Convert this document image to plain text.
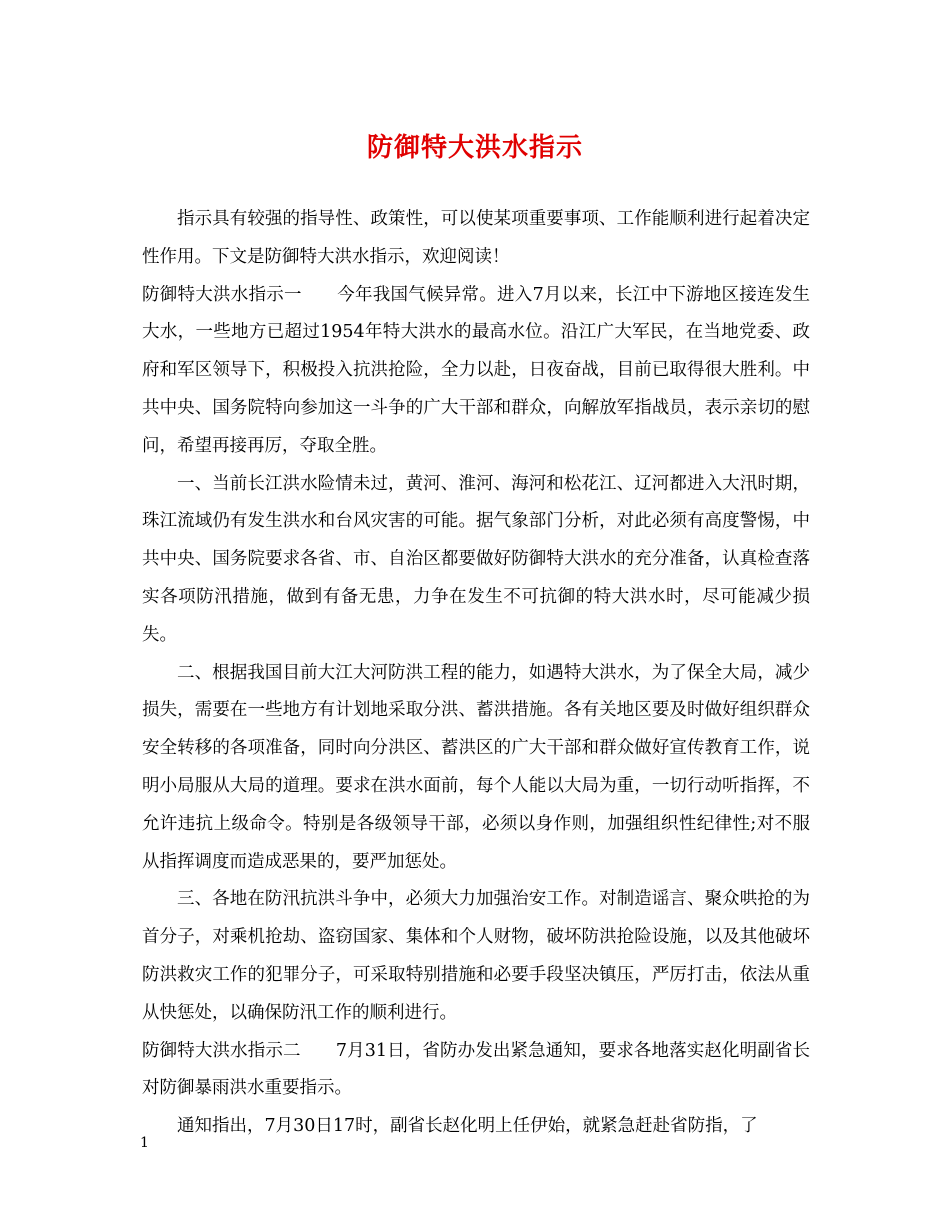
防御特大洪水指示

指示具有较强的指导性、政策性，可以使某项重要事项、工作能顺利进行起着决定性作用。下文是防御特大洪水指示，欢迎阅读！

防御特大洪水指示一　　今年我国气候异常。进入7月以来，长江中下游地区接连发生大水，一些地方已超过1954年特大洪水的最高水位。沿江广大军民，在当地党委、政府和军区领导下，积极投入抗洪抢险，全力以赴，日夜奋战，目前已取得很大胜利。中共中央、国务院特向参加这一斗争的广大干部和群众，向解放军指战员，表示亲切的慰问，希望再接再厉，夺取全胜。

一、当前长江洪水险情未过，黄河、淮河、海河和松花江、辽河都进入大汛时期，珠江流域仍有发生洪水和台风灾害的可能。据气象部门分析，对此必须有高度警惕，中共中央、国务院要求各省、市、自治区都要做好防御特大洪水的充分准备，认真检查落实各项防汛措施，做到有备无患，力争在发生不可抗御的特大洪水时，尽可能减少损失。

二、根据我国目前大江大河防洪工程的能力，如遇特大洪水，为了保全大局，减少损失，需要在一些地方有计划地采取分洪、蓄洪措施。各有关地区要及时做好组织群众安全转移的各项准备，同时向分洪区、蓄洪区的广大干部和群众做好宣传教育工作，说明小局服从大局的道理。要求在洪水面前，每个人能以大局为重，一切行动听指挥，不允许违抗上级命令。特别是各级领导干部，必须以身作则，加强组织性纪律性;对不服从指挥调度而造成恶果的，要严加惩处。

三、各地在防汛抗洪斗争中，必须大力加强治安工作。对制造谣言、聚众哄抢的为首分子，对乘机抢劫、盗窃国家、集体和个人财物，破坏防洪抢险设施，以及其他破坏防洪救灾工作的犯罪分子，可采取特别措施和必要手段坚决镇压，严厉打击，依法从重从快惩处，以确保防汛工作的顺利进行。

防御特大洪水指示二　　7月31日，省防办发出紧急通知，要求各地落实赵化明副省长对防御暴雨洪水重要指示。

通知指出，7月30日17时，副省长赵化明上任伊始，就紧急赶赴省防指，了

1
